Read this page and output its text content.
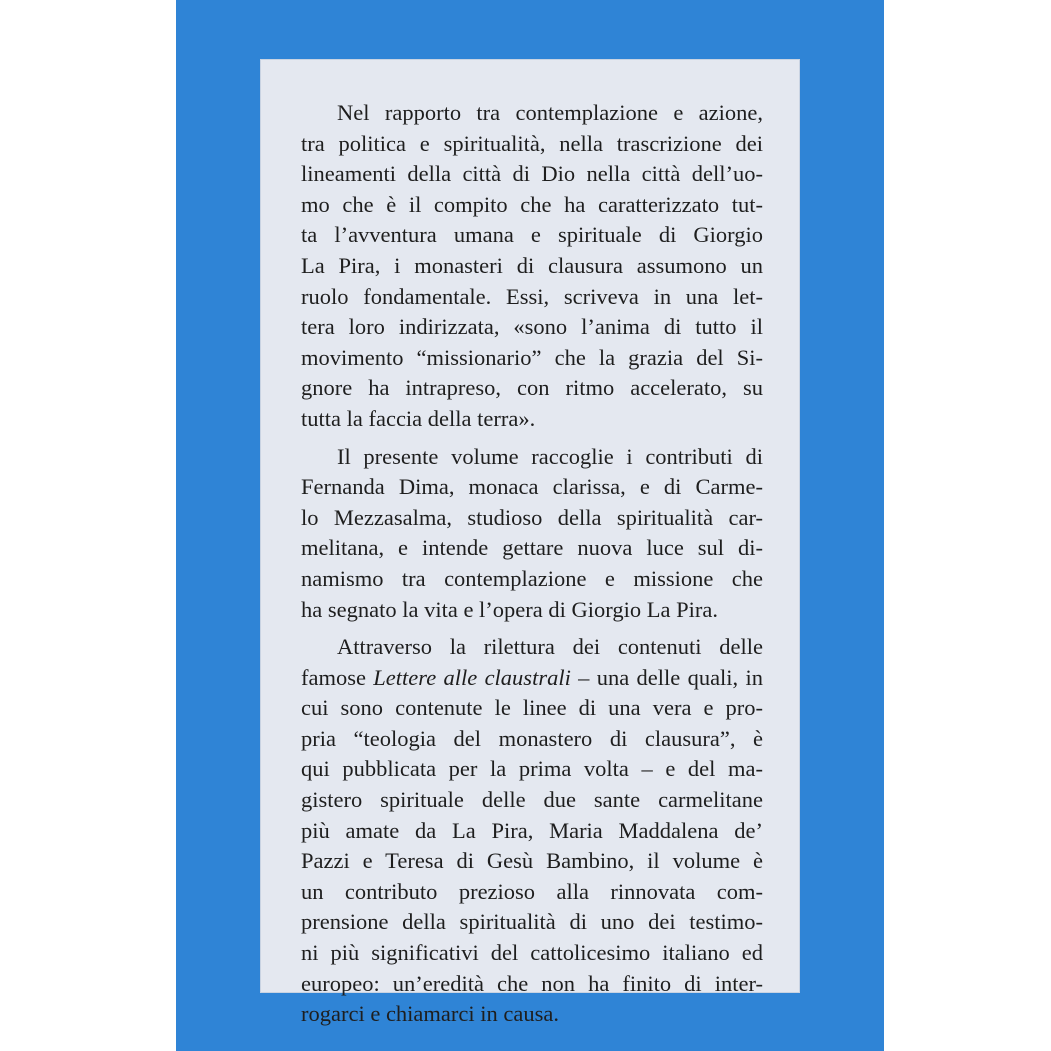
Nel rapporto tra contemplazione e azione,
tra politica e spiritualità, nella trascrizione dei
lineamenti della città di Dio nella città dell’uo-
mo che è il compito che ha caratterizzato tut-
ta l’avventura umana e spirituale di Giorgio
La Pira, i monasteri di clausura assumono un
ruolo fondamentale. Essi, scriveva in una let-
tera loro indirizzata, «sono l’anima di tutto il
movimento “missionario” che la grazia del Si-
gnore ha intrapreso, con ritmo accelerato, su
tutta la faccia della terra».
Il presente volume raccoglie i contributi di
Fernanda Dima, monaca clarissa, e di Carme-
lo Mezzasalma, studioso della spiritualità car-
melitana, e intende gettare nuova luce sul di-
namismo tra contemplazione e missione che
ha segnato la vita e l’opera di Giorgio La Pira.
Attraverso la rilettura dei contenuti delle
famose Lettere alle claustrali – una delle quali, in
cui sono contenute le linee di una vera e pro-
pria “teologia del monastero di clausura”, è
qui pubblicata per la prima volta – e del ma-
gistero spirituale delle due sante carmelitane
più amate da La Pira, Maria Maddalena de’
Pazzi e Teresa di Gesù Bambino, il volume è
un contributo prezioso alla rinnovata com-
prensione della spiritualità di uno dei testimo-
ni più significativi del cattolicesimo italiano ed
europeo: un’eredità che non ha finito di inter-
rogarci e chiamarci in causa.
